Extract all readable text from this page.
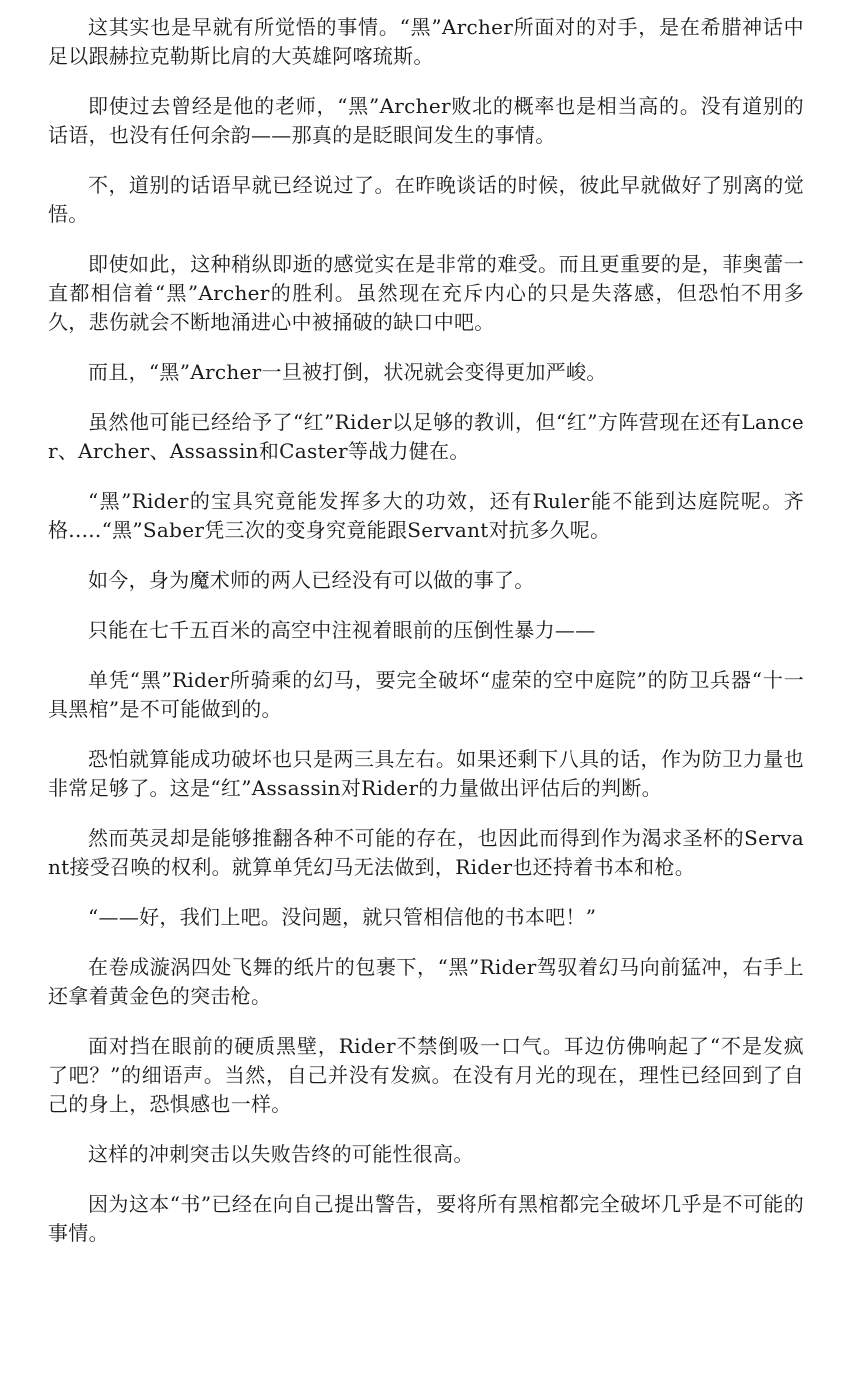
这其实也是早就有所觉悟的事情。“黑”Archer所面对的对手，是在希腊神话中足以跟赫拉克勒斯比肩的大英雄阿喀琉斯。

即使过去曾经是他的老师，“黑”Archer败北的概率也是相当高的。没有道别的话语，也没有任何余韵——那真的是眨眼间发生的事情。

不，道别的话语早就已经说过了。在昨晚谈话的时候，彼此早就做好了别离的觉悟。

即使如此，这种稍纵即逝的感觉实在是非常的难受。而且更重要的是，菲奥蕾一直都相信着“黑”Archer的胜利。虽然现在充斥内心的只是失落感，但恐怕不用多久，悲伤就会不断地涌进心中被捅破的缺口中吧。

而且，“黑”Archer一旦被打倒，状况就会变得更加严峻。

虽然他可能已经给予了“红”Rider以足够的教训，但“红”方阵营现在还有Lancer、Archer、Assassin和Caster等战力健在。

“黑”Rider的宝具究竟能发挥多大的功效，还有Ruler能不能到达庭院呢。齐格.....“黑”Saber凭三次的变身究竟能跟Servant对抗多久呢。

如今，身为魔术师的两人已经没有可以做的事了。

只能在七千五百米的高空中注视着眼前的压倒性暴力——

单凭“黑”Rider所骑乘的幻马，要完全破坏“虚荣的空中庭院”的防卫兵器“十一具黑棺”是不可能做到的。

恐怕就算能成功破坏也只是两三具左右。如果还剩下八具的话，作为防卫力量也非常足够了。这是“红”Assassin对Rider的力量做出评估后的判断。

然而英灵却是能够推翻各种不可能的存在，也因此而得到作为渴求圣杯的Servant接受召唤的权利。就算单凭幻马无法做到，Rider也还持着书本和枪。

“——好，我们上吧。没问题，就只管相信他的书本吧！”

在卷成漩涡四处飞舞的纸片的包裹下，“黑”Rider驾驭着幻马向前猛冲，右手上还拿着黄金色的突击枪。

面对挡在眼前的硬质黑壁，Rider不禁倒吸一口气。耳边仿佛响起了“不是发疯了吧？”的细语声。当然，自己并没有发疯。在没有月光的现在，理性已经回到了自己的身上，恐惧感也一样。

这样的冲刺突击以失败告终的可能性很高。

因为这本“书”已经在向自己提出警告，要将所有黑棺都完全破坏几乎是不可能的事情。
